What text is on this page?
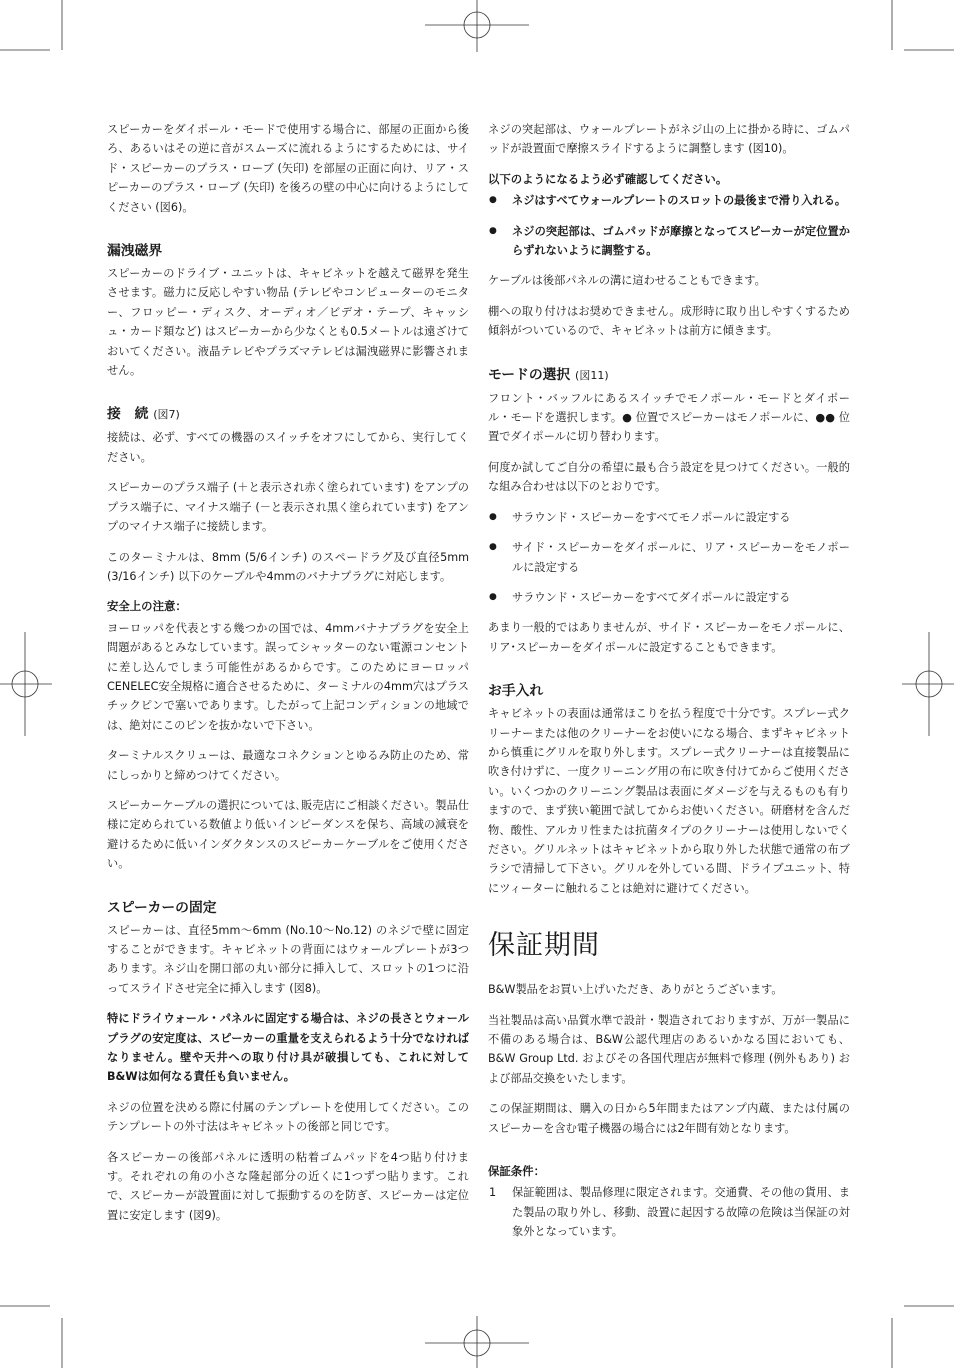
スピーカーをダイポール・モードで使用する場合に、部屋の正面から後ろ、あるいはその逆に音がスムーズに流れるようにするためには、サイド・スピーカーのプラス・ローブ (矢印) を部屋の正面に向け、リア・スピーカーのプラス・ローブ (矢印) を後ろの壁の中心に向けるようにしてください (図6)。

漏洩磁界

スピーカーのドライブ・ユニットは、キャビネットを越えて磁界を発生させます。磁力に反応しやすい物品 (テレビやコンピューターのモニター、フロッピー・ディスク、オーディオ／ビデオ・テープ、キャッシュ・カード類など) はスピーカーから少なくとも0.5メートルは遠ざけておいてください。液晶テレビやプラズマテレビは漏洩磁界に影響されません。

接　続 (図7)

接続は、必ず、すべての機器のスイッチをオフにしてから、実行してください。

スピーカーのプラス端子 (＋と表示され赤く塗られています) をアンプのプラス端子に、マイナス端子 (－と表示され黒く塗られています) をアンプのマイナス端子に接続します。

このターミナルは、8mm (5/6インチ) のスペードラグ及び直径5mm (3/16インチ) 以下のケーブルや4mmのバナナプラグに対応します。

安全上の注意：

ヨーロッパを代表とする幾つかの国では、4mmバナナプラグを安全上問題があるとみなしています。誤ってシャッターのない電源コンセントに差し込んでしまう可能性があるからです。このためにヨーロッパCENELEC安全規格に適合させるために、ターミナルの4mm穴はプラスチックピンで塞いであります。したがって上記コンディションの地域では、絶対にこのピンを抜かないで下さい。

ターミナルスクリューは、最適なコネクションとゆるみ防止のため、常にしっかりと締めつけてください。

スピーカーケーブルの選択については､販売店にご相談ください。製品仕様に定められている数値より低いインピーダンスを保ち、高域の減衰を避けるために低いインダクタンスのスピーカーケーブルをご使用ください。

スピーカーの固定

スピーカーは、直径5mm～6mm (No.10～No.12) のネジで壁に固定することができます。キャビネットの背面にはウォールプレートが3つあります。ネジ山を開口部の丸い部分に挿入して、スロットの1つに沿ってスライドさせ完全に挿入します (図8)。

特にドライウォール・パネルに固定する場合は、ネジの長さとウォールプラグの安定度は、スピーカーの重量を支えられるよう十分でなければなりません。壁や天井への取り付け具が破損しても、これに対してB&Wは如何なる責任も負いません。

ネジの位置を決める際に付属のテンプレートを使用してください。このテンプレートの外寸法はキャビネットの後部と同じです。

各スピーカーの後部パネルに透明の粘着ゴムパッドを4つ貼り付けます。それぞれの角の小さな隆起部分の近くに1つずつ貼ります。これで、スピーカーが設置面に対して振動するのを防ぎ、スピーカーは定位置に安定します (図9)。

ネジの突起部は、ウォールプレートがネジ山の上に掛かる時に、ゴムパッドが設置面で摩擦スライドするように調整します (図10)。

以下のようになるよう必ず確認してください。
● ネジはすべてウォールプレートのスロットの最後まで滑り入れる。
● ネジの突起部は、ゴムパッドが摩擦となってスピーカーが定位置からずれないように調整する。

ケーブルは後部パネルの溝に這わせることもできます。

棚への取り付けはお奨めできません。成形時に取り出しやすくするため傾斜がついているので、キャビネットは前方に傾きます。

モードの選択 (図11)

フロント・バッフルにあるスイッチでモノポール・モードとダイポール・モードを選択します。● 位置でスピーカーはモノポールに、●● 位置でダイポールに切り替わります。

何度か試してご自分の希望に最も合う設定を見つけてください。一般的な組み合わせは以下のとおりです。

● サラウンド・スピーカーをすべてモノポールに設定する
● サイド・スピーカーをダイポールに、リア・スピーカーをモノポールに設定する
● サラウンド・スピーカーをすべてダイポールに設定する

あまり一般的ではありませんが、サイド・スピーカーをモノポールに、リア･スピーカーをダイポールに設定することもできます。

お手入れ

キャビネットの表面は通常ほこりを払う程度で十分です。スプレー式クリーナーまたは他のクリーナーをお使いになる場合、まずキャビネットから慎重にグリルを取り外します。スプレー式クリーナーは直接製品に吹き付けずに、一度クリーニング用の布に吹き付けてからご使用ください。いくつかのクリーニング製品は表面にダメージを与えるものも有りますので、まず狭い範囲で試してからお使いください。研磨材を含んだ物、酸性、アルカリ性または抗菌タイプのクリーナーは使用しないでください。グリルネットはキャビネットから取り外した状態で通常の布ブラシで清掃して下さい。グリルを外している間、ドライブユニット、特にツィーターに触れることは絶対に避けてください。

保証期間

B&W製品をお買い上げいただき、ありがとうございます。

当社製品は高い品質水準で設計・製造されておりますが、万が一製品に不備のある場合は、B&W公認代理店のあるいかなる国においても、B&W Group Ltd. およびその各国代理店が無料で修理 (例外もあり) および部品交換をいたします。

この保証期間は、購入の日から5年間またはアンプ内蔵、または付属のスピーカーを含む電子機器の場合には2年間有効となります。

保証条件：
1 保証範囲は、製品修理に限定されます。交通費、その他の貨用、また製品の取り外し、移動、設置に起因する故障の危険は当保証の対象外となっています。
